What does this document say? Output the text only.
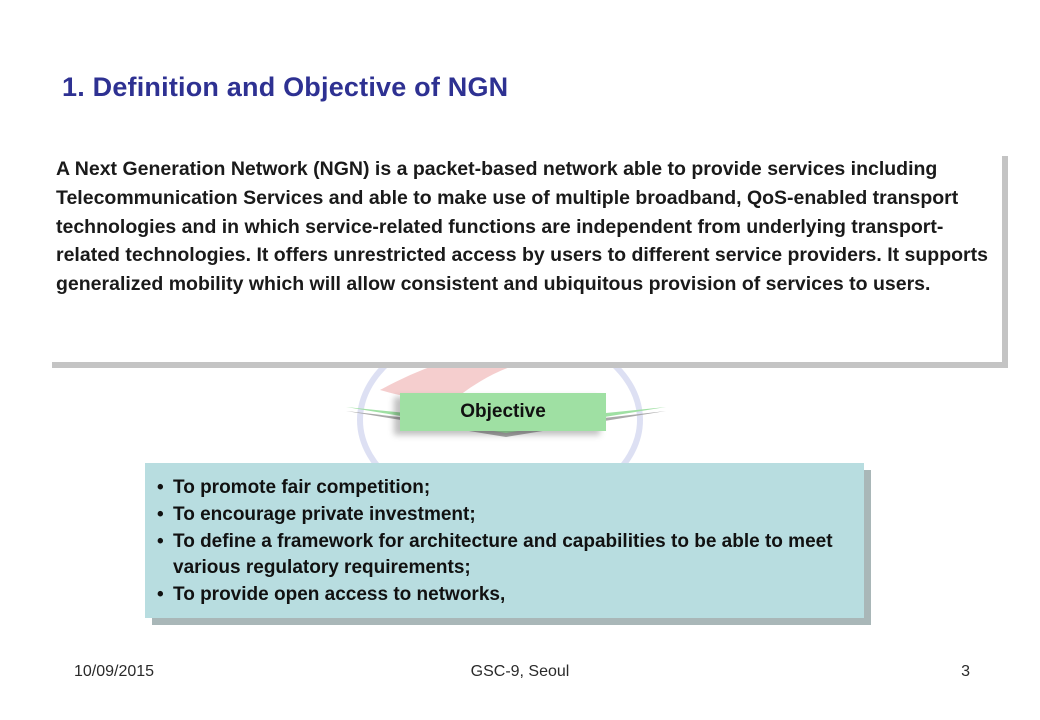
1. Definition and Objective of NGN

A Next Generation Network (NGN) is a packet-based network able to provide services including Telecommunication Services and able to make use of multiple broadband, QoS-enabled transport technologies and in which service-related functions are independent from underlying transport-related technologies. It offers unrestricted access by users to different service providers. It supports generalized mobility which will allow consistent and ubiquitous provision of services to users.

Objective
• To promote fair competition;
• To encourage private investment;
• To define a framework for architecture and capabilities to be able to meet various regulatory requirements;
• To provide open access to networks,
10/09/2015	GSC-9, Seoul	3
